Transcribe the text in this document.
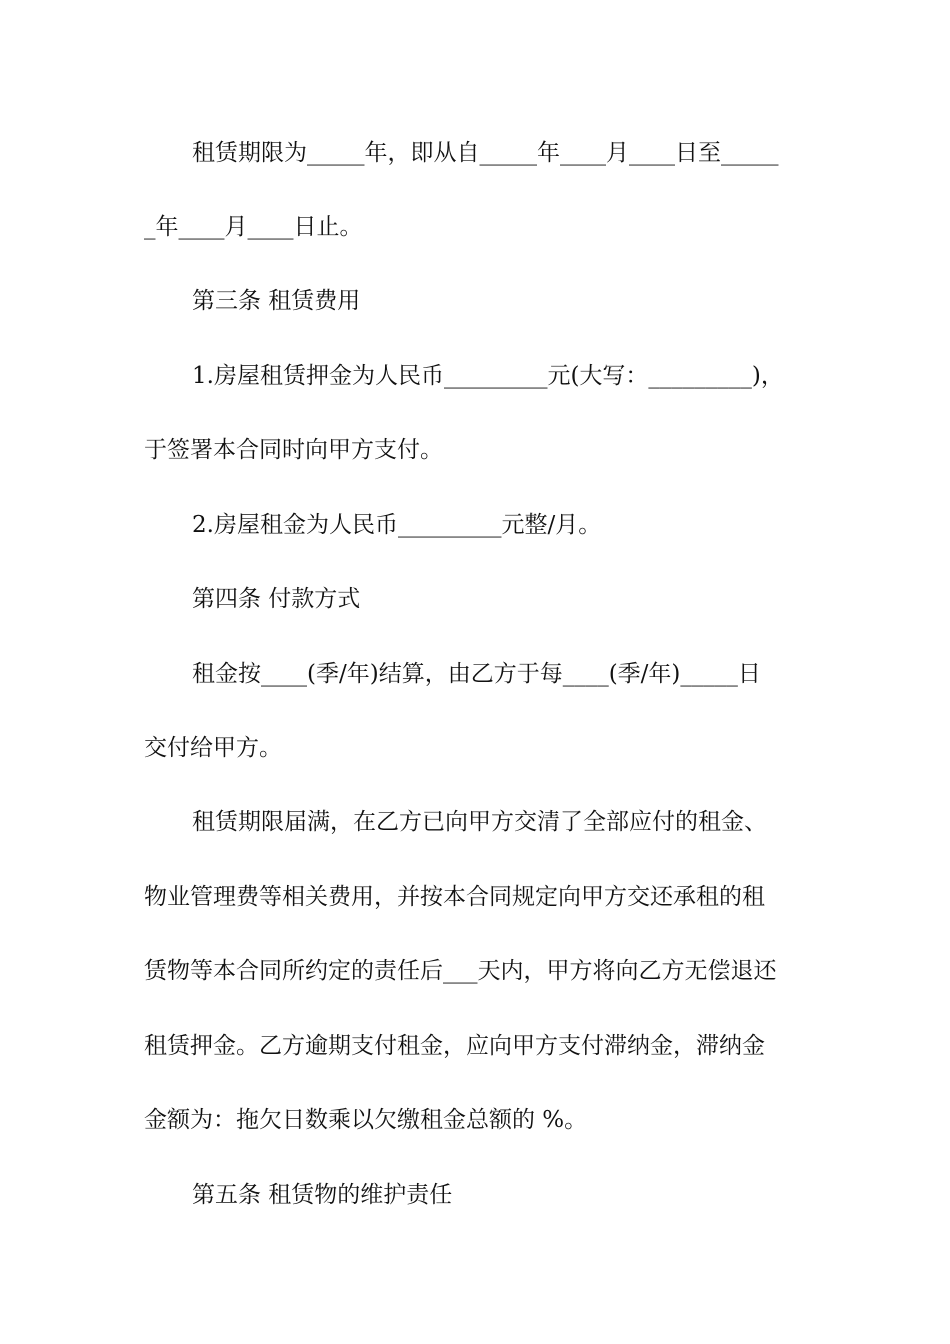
租赁期限为_____年，即从自_____年____月____日至_____

_年____月____日止。

第三条 租赁费用

1.房屋租赁押金为人民币_________元(大写：_________)，

于签署本合同时向甲方支付。

2.房屋租金为人民币_________元整/月。

第四条 付款方式

租金按____(季/年)结算，由乙方于每____(季/年)_____日

交付给甲方。

租赁期限届满，在乙方已向甲方交清了全部应付的租金、

物业管理费等相关费用，并按本合同规定向甲方交还承租的租

赁物等本合同所约定的责任后___天内，甲方将向乙方无偿退还

租赁押金。乙方逾期支付租金，应向甲方支付滞纳金，滞纳金

金额为：拖欠日数乘以欠缴租金总额的 %。

第五条 租赁物的维护责任
